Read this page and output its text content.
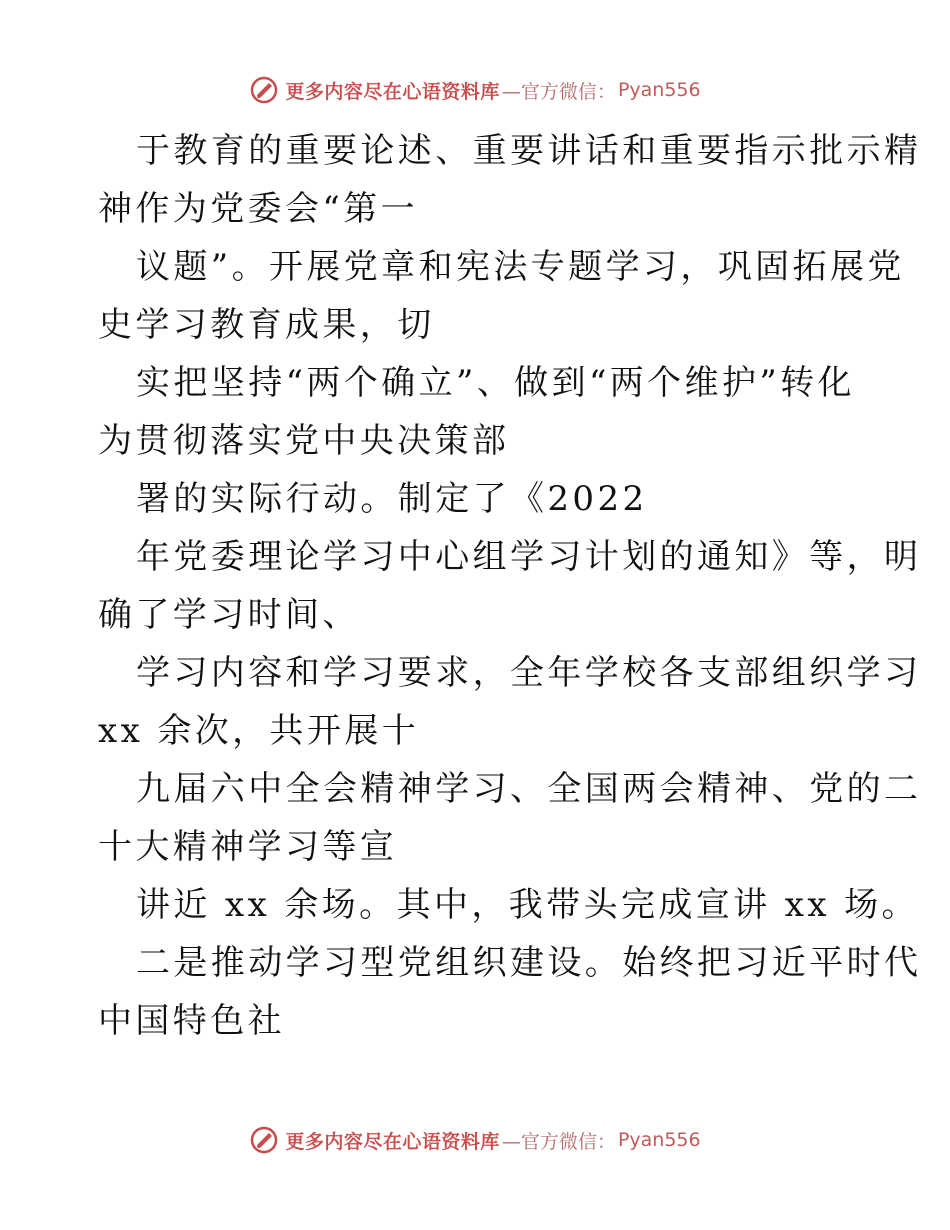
更多内容尽在心语资料库 —官方微信： Pyan556
于教育的重要论述、重要讲话和重要指示批示精
神作为党委会“第一
议题”。开展党章和宪法专题学习，巩固拓展党
史学习教育成果，切
实把坚持“两个确立”、做到“两个维护”转化
为贯彻落实党中央决策部
署的实际行动。制定了《2022
年党委理论学习中心组学习计划的通知》等，明
确了学习时间、
学习内容和学习要求，全年学校各支部组织学习
xx 余次，共开展十
九届六中全会精神学习、全国两会精神、党的二
十大精神学习等宣
讲近 xx 余场。其中，我带头完成宣讲 xx 场。
二是推动学习型党组织建设。始终把习近平时代
中国特色社
更多内容尽在心语资料库 —官方微信： Pyan556
